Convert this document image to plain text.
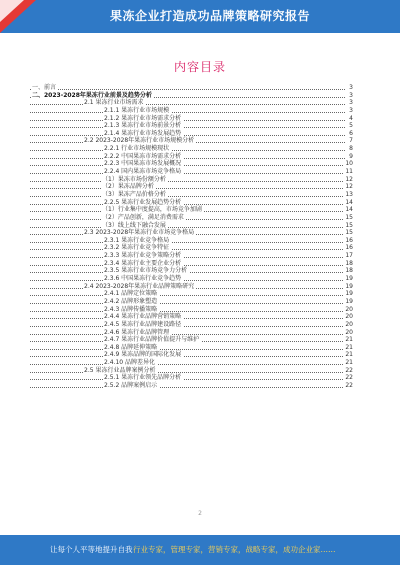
果冻企业打造成功品牌策略研究报告
内容目录
一、前言	3
二、2023-2028年果冻行业前景及趋势分析	3
2.1 果冻行业市场需求	3
2.1.1 果冻行业市场规模	3
2.1.2 果冻行业市场需求分析	4
2.1.3 果冻行业市场前景分析	5
2.1.4 果冻行业市场发展趋势	6
2.2 2023-2028年果冻行业市场规模分析	7
2.2.1 行业市场规模现状	8
2.2.2 中国果冻市场需求分析	9
2.2.3 中国果冻市场发展概况	10
2.2.4 国内果冻市场竞争格局	11
（1）果冻市场份额分析	12
（2）果冻品牌分析	12
（3）果冻产品价格分析	13
2.2.5 果冻行业发展趋势分析	14
（1）行业集中度提高，市场竞争加剧	14
（2）产品创新，满足消费需求	15
（3）线上线下融合发展	15
2.3 2023-2028年果冻行业市场竞争格局	15
2.3.1 果冻行业竞争格局	16
2.3.2 果冻行业竞争特征	16
2.3.3 果冻行业竞争策略分析	17
2.3.4 果冻行业主要企业分析	18
2.3.5 果冻行业市场竞争力分析	18
2.3.6 中国果冻行业竞争趋势	19
2.4 2023-2028年果冻行业品牌策略研究	19
2.4.1 品牌定位策略	19
2.4.2 品牌形象塑造	19
2.4.3 品牌传播策略	20
2.4.4 果冻行业品牌营销策略	20
2.4.5 果冻行业品牌建设路径	20
2.4.6 果冻行业品牌管理	20
2.4.7 果冻行业品牌价值提升与维护	21
2.4.8 品牌延伸策略	21
2.4.9 果冻品牌的国际化发展	21
2.4.10 品牌差异化	21
2.5 果冻行业品牌案例分析	22
2.5.1 果冻行业领先品牌分析	22
2.5.2 品牌案例启示	22
2
让每个人平等地提升自我 行业专家，管理专家，营销专家，战略专家，成功企业家……
